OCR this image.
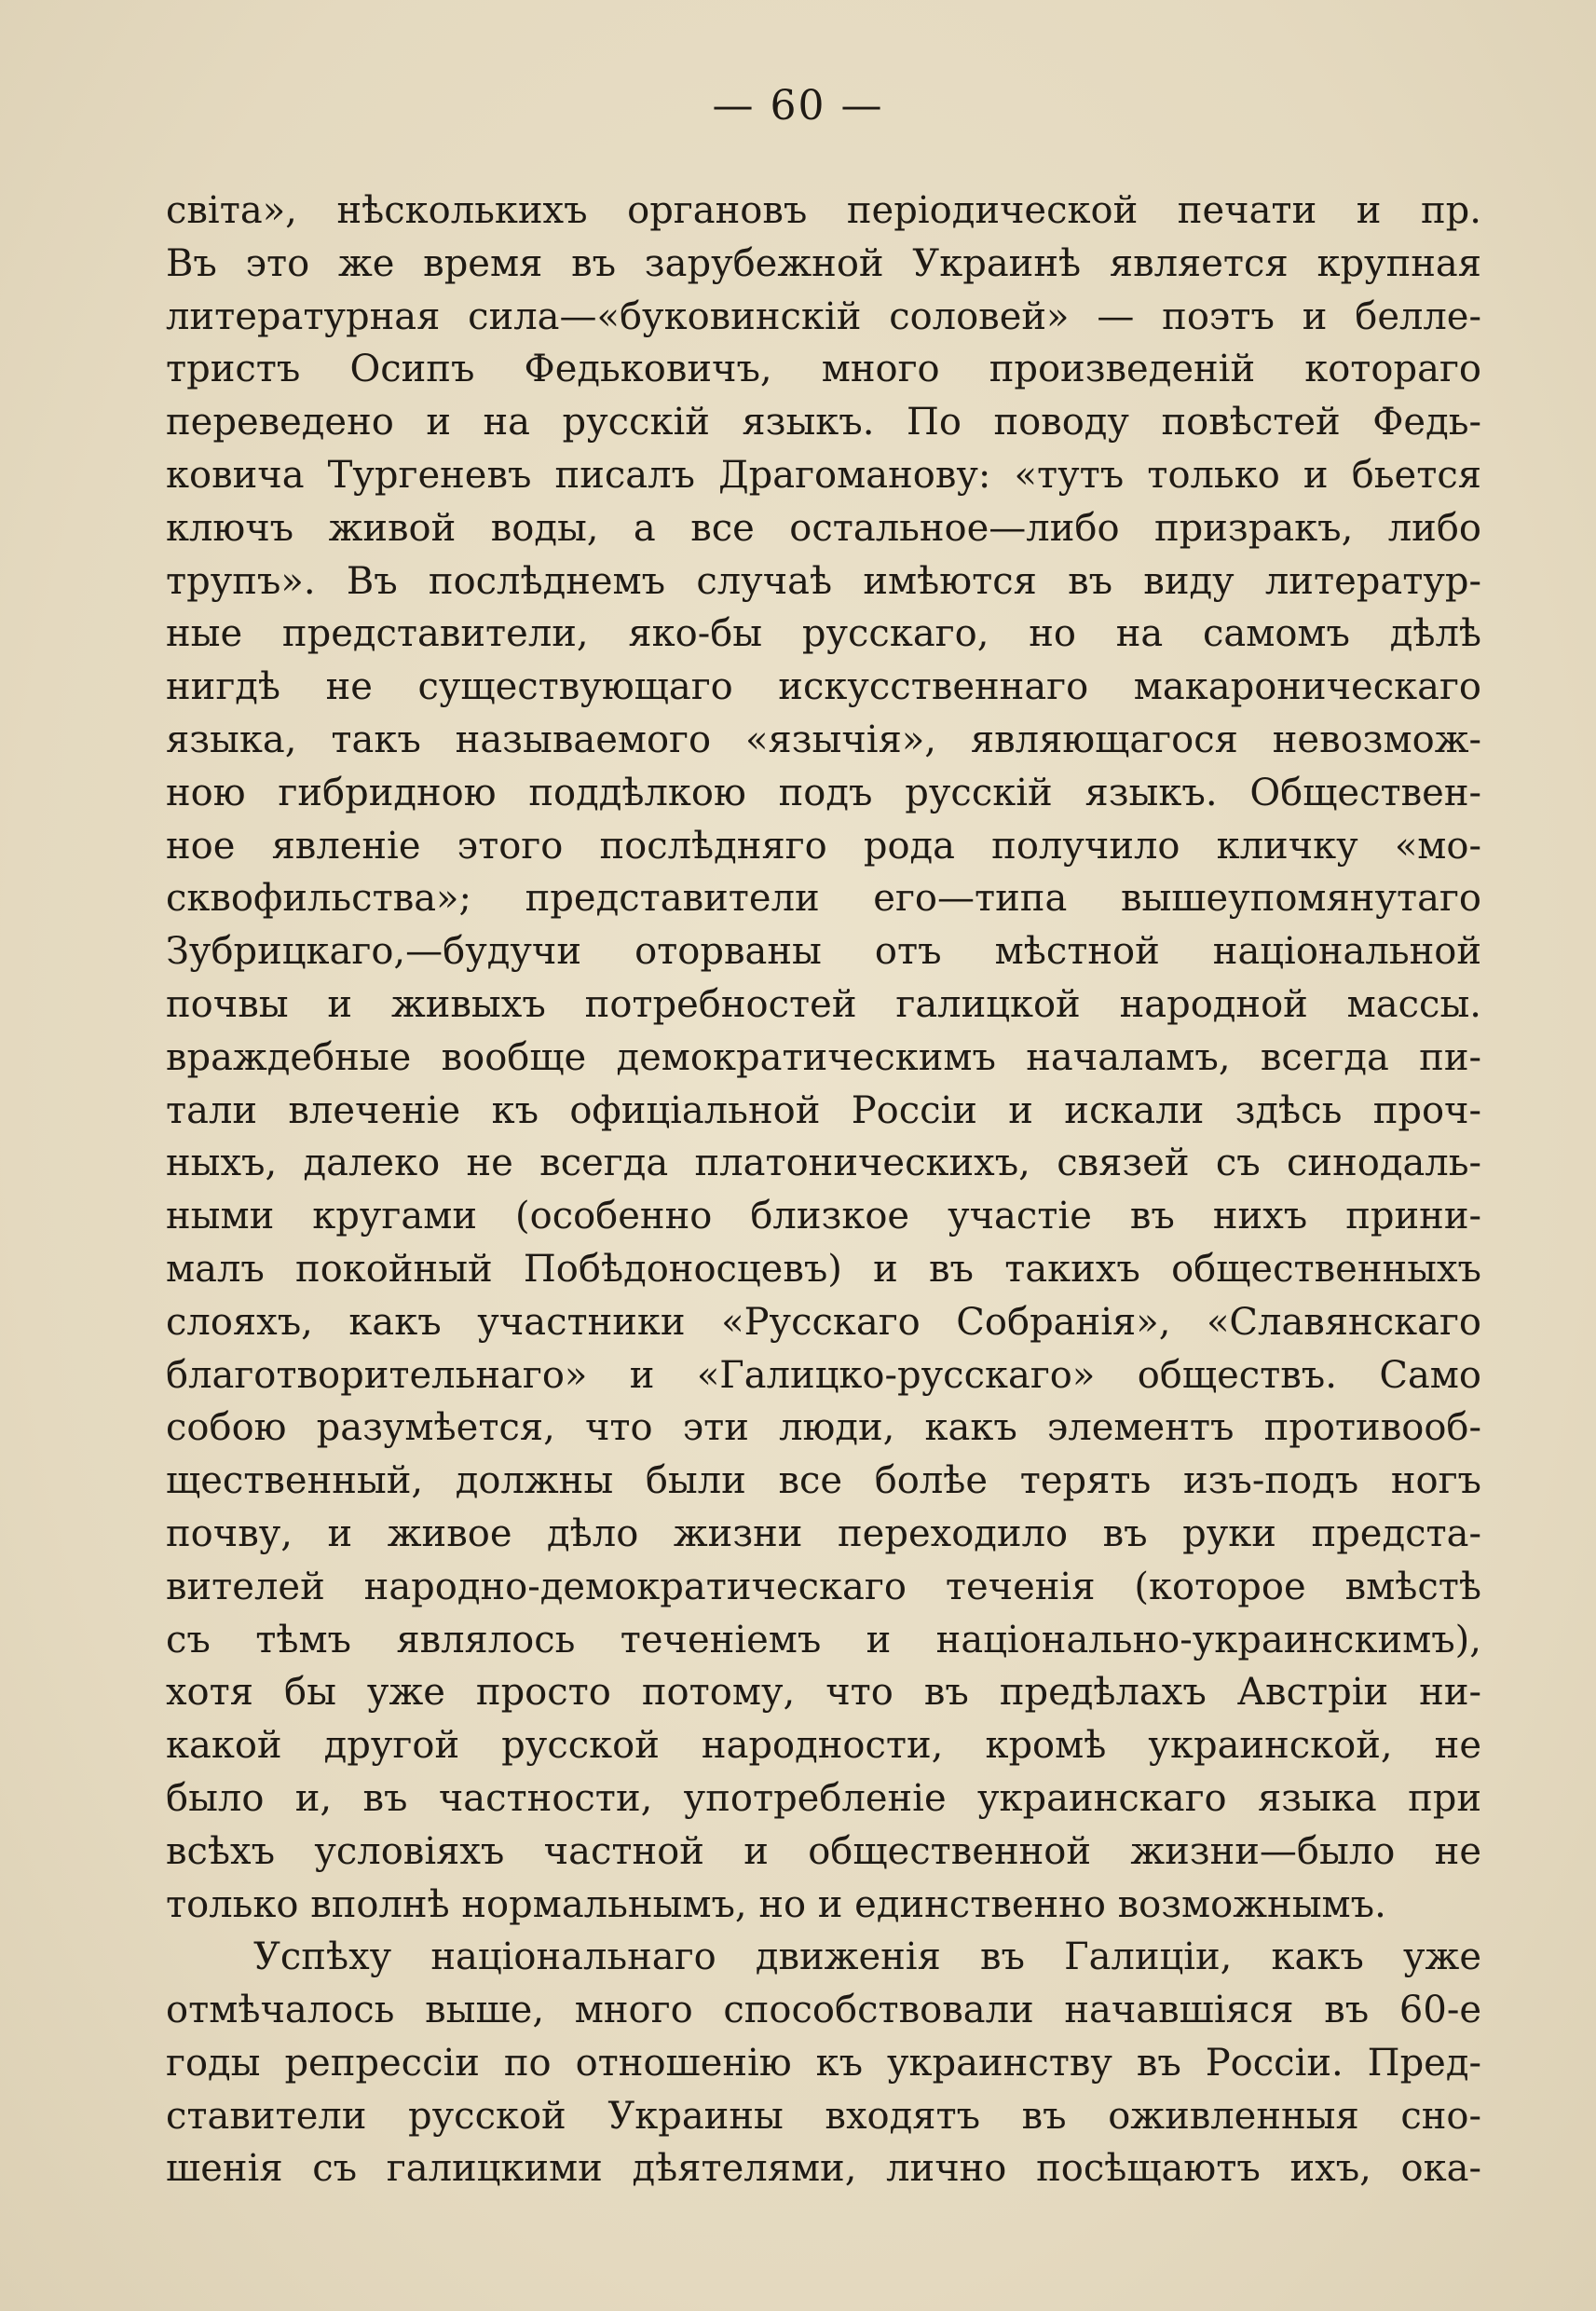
— 60 —
світа», нѣсколькихъ органовъ періодической печати и пр.
Въ это же время въ зарубежной Украинѣ является крупная
литературная сила—«буковинскій соловей» — поэтъ и белле-
тристъ Осипъ Федьковичъ, много произведеній котораго
переведено и на русскій языкъ. По поводу повѣстей Федь-
ковича Тургеневъ писалъ Драгоманову: «тутъ только и бьется
ключъ живой воды, а все остальное—либо призракъ, либо
трупъ». Въ послѣднемъ случаѣ имѣются въ виду литератур-
ные представители, яко-бы русскаго, но на самомъ дѣлѣ
нигдѣ не существующаго искусственнаго макароническаго
языка, такъ называемого «язычія», являющагося невозмож-
ною гибридною поддѣлкою подъ русскій языкъ. Обществен-
ное явленіе этого послѣдняго рода получило кличку «мо-
сквофильства»; представители его—типа вышеупомянутаго
Зубрицкаго,—будучи оторваны отъ мѣстной національной
почвы и живыхъ потребностей галицкой народной массы.
враждебные вообще демократическимъ началамъ, всегда пи-
тали влеченіе къ офиціальной Россіи и искали здѣсь проч-
ныхъ, далеко не всегда платоническихъ, связей съ синодаль-
ными кругами (особенно близкое участіе въ нихъ прини-
малъ покойный Побѣдоносцевъ) и въ такихъ общественныхъ
слояхъ, какъ участники «Русскаго Собранія», «Славянскаго
благотворительнаго» и «Галицко-русскаго» обществъ. Само
собою разумѣется, что эти люди, какъ элементъ противооб-
щественный, должны были все болѣе терять изъ-подъ ногъ
почву, и живое дѣло жизни переходило въ руки предста-
вителей народно-демократическаго теченія (которое вмѣстѣ
съ тѣмъ являлось теченіемъ и національно-украинскимъ),
хотя бы уже просто потому, что въ предѣлахъ Австріи ни-
какой другой русской народности, кромѣ украинской, не
было и, въ частности, употребленіе украинскаго языка при
всѣхъ условіяхъ частной и общественной жизни—было не
только вполнѣ нормальнымъ, но и единственно возможнымъ.
Успѣху національнаго движенія въ Галиціи, какъ уже
отмѣчалось выше, много способствовали начавшіяся въ 60-е
годы репрессіи по отношенію къ украинству въ Россіи. Пред-
ставители русской Украины входятъ въ оживленныя сно-
шенія съ галицкими дѣятелями, лично посѣщаютъ ихъ, ока-
